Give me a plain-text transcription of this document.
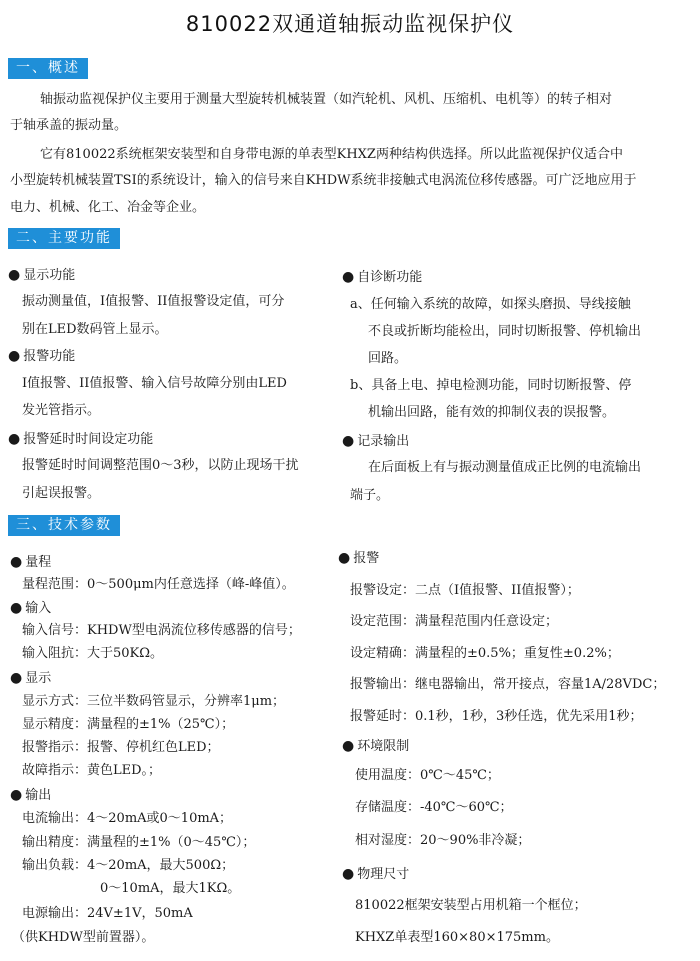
810022双通道轴振动监视保护仪
一、概述
轴振动监视保护仪主要用于测量大型旋转机械装置（如汽轮机、风机、压缩机、电机等）的转子相对
于轴承盖的振动量。
它有810022系统框架安装型和自身带电源的单表型KHXZ两种结构供选择。所以此监视保护仪适合中
小型旋转机械装置TSI的系统设计，输入的信号来自KHDW系统非接触式电涡流位移传感器。可广泛地应用于
电力、机械、化工、冶金等企业。
二、主要功能
● 显示功能
振动测量值，I值报警、II值报警设定值，可分
别在LED数码管上显示。
● 报警功能
I值报警、II值报警、输入信号故障分别由LED
发光管指示。
● 报警延时时间设定功能
报警延时时间调整范围0～3秒，以防止现场干扰
引起误报警。
● 自诊断功能
a、任何输入系统的故障，如探头磨损、导线接触
不良或折断均能检出，同时切断报警、停机输出
回路。
b、具备上电、掉电检测功能，同时切断报警、停
机输出回路，能有效的抑制仪表的误报警。
● 记录输出
在后面板上有与振动测量值成正比例的电流输出
端子。
三、技术参数
● 量程
量程范围：0～500μm内任意选择（峰-峰值）。
● 输入
输入信号：KHDW型电涡流位移传感器的信号；
输入阻抗：大于50KΩ。
● 显示
显示方式：三位半数码管显示，分辨率1μm；
显示精度：满量程的±1%（25℃）；
报警指示：报警、停机红色LED；
故障指示：黄色LED。；
● 输出
电流输出：4～20mA或0～10mA；
输出精度：满量程的±1%（0～45℃）；
输出负载：4～20mA，最大500Ω；
0～10mA，最大1KΩ。
电源输出：24V±1V，50mA
（供KHDW型前置器）。
● 报警
报警设定：二点（I值报警、II值报警）；
设定范围：满量程范围内任意设定；
设定精确：满量程的±0.5%；重复性±0.2%；
报警输出：继电器输出，常开接点，容量1A/28VDC；
报警延时：0.1秒，1秒，3秒任选，优先采用1秒；
● 环境限制
使用温度：0℃～45℃；
存储温度：-40℃～60℃；
相对湿度：20～90%非冷凝；
● 物理尺寸
810022框架安装型占用机箱一个框位；
KHXZ单表型160×80×175mm。
